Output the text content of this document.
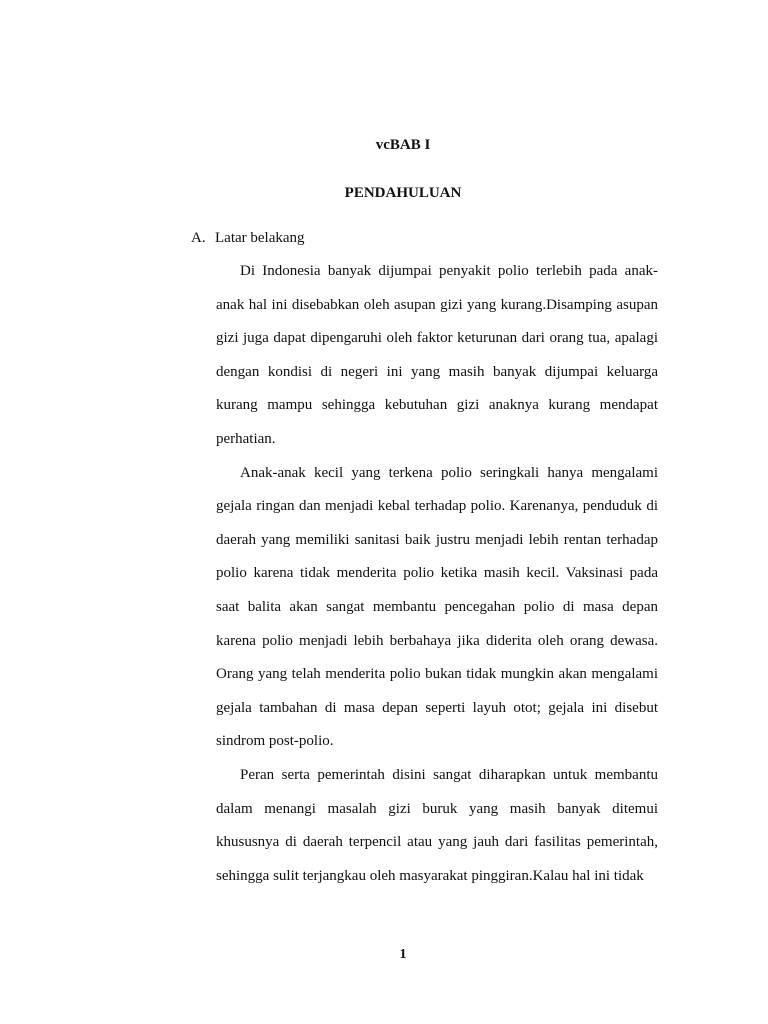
vcBAB I
PENDAHULUAN
A. Latar belakang

Di Indonesia banyak dijumpai penyakit polio terlebih pada anak-anak hal ini disebabkan oleh asupan gizi yang kurang.Disamping asupan gizi juga dapat dipengaruhi oleh faktor keturunan dari orang tua, apalagi dengan kondisi di negeri ini yang masih banyak dijumpai keluarga kurang mampu sehingga kebutuhan gizi anaknya kurang mendapat perhatian.

Anak-anak kecil yang terkena polio seringkali hanya mengalami gejala ringan dan menjadi kebal terhadap polio. Karenanya, penduduk di daerah yang memiliki sanitasi baik justru menjadi lebih rentan terhadap polio karena tidak menderita polio ketika masih kecil. Vaksinasi pada saat balita akan sangat membantu pencegahan polio di masa depan karena polio menjadi lebih berbahaya jika diderita oleh orang dewasa. Orang yang telah menderita polio bukan tidak mungkin akan mengalami gejala tambahan di masa depan seperti layuh otot; gejala ini disebut sindrom post-polio.

Peran serta pemerintah disini sangat diharapkan untuk membantu dalam menangi masalah gizi buruk yang masih banyak ditemui khususnya di daerah terpencil atau yang jauh dari fasilitas pemerintah, sehingga sulit terjangkau oleh masyarakat pinggiran.Kalau hal ini tidak

1
